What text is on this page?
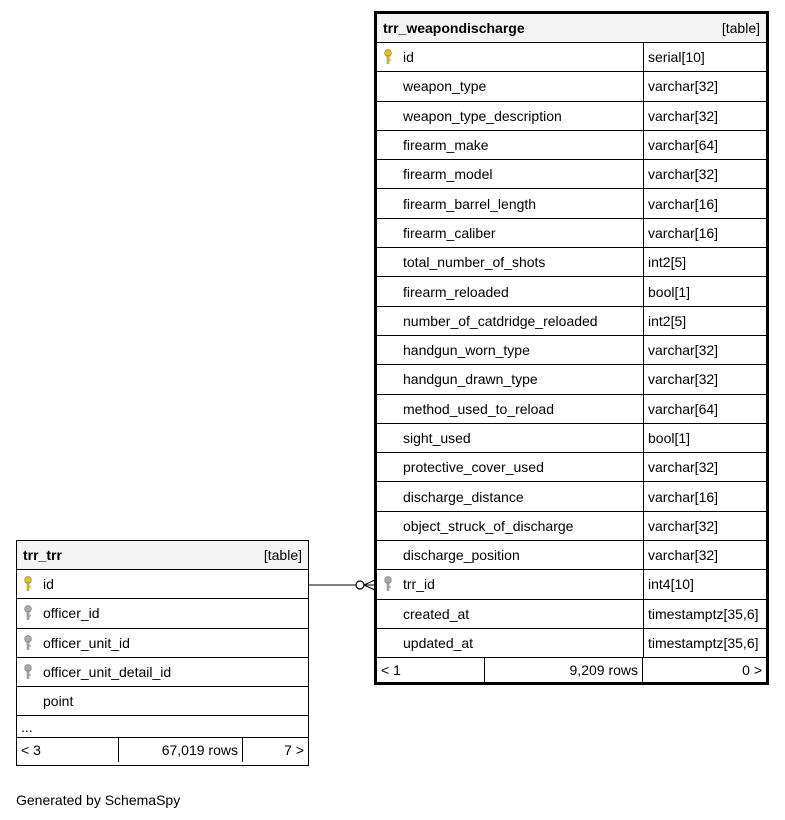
trr_weapondischarge	[table]
id	serial[10]
weapon_type	varchar[32]
weapon_type_description	varchar[32]
firearm_make	varchar[64]
firearm_model	varchar[32]
firearm_barrel_length	varchar[16]
firearm_caliber	varchar[16]
total_number_of_shots	int2[5]
firearm_reloaded	bool[1]
number_of_catdridge_reloaded	int2[5]
handgun_worn_type	varchar[32]
handgun_drawn_type	varchar[32]
method_used_to_reload	varchar[64]
sight_used	bool[1]
protective_cover_used	varchar[32]
discharge_distance	varchar[16]
object_struck_of_discharge	varchar[32]
discharge_position	varchar[32]
trr_id	int4[10]
created_at	timestamptz[35,6]
updated_at	timestamptz[35,6]
< 1	9,209 rows	0 >
trr_trr	[table]
id
officer_id
officer_unit_id
officer_unit_detail_id
point
...
< 3	67,019 rows	7 >
Generated by SchemaSpy
